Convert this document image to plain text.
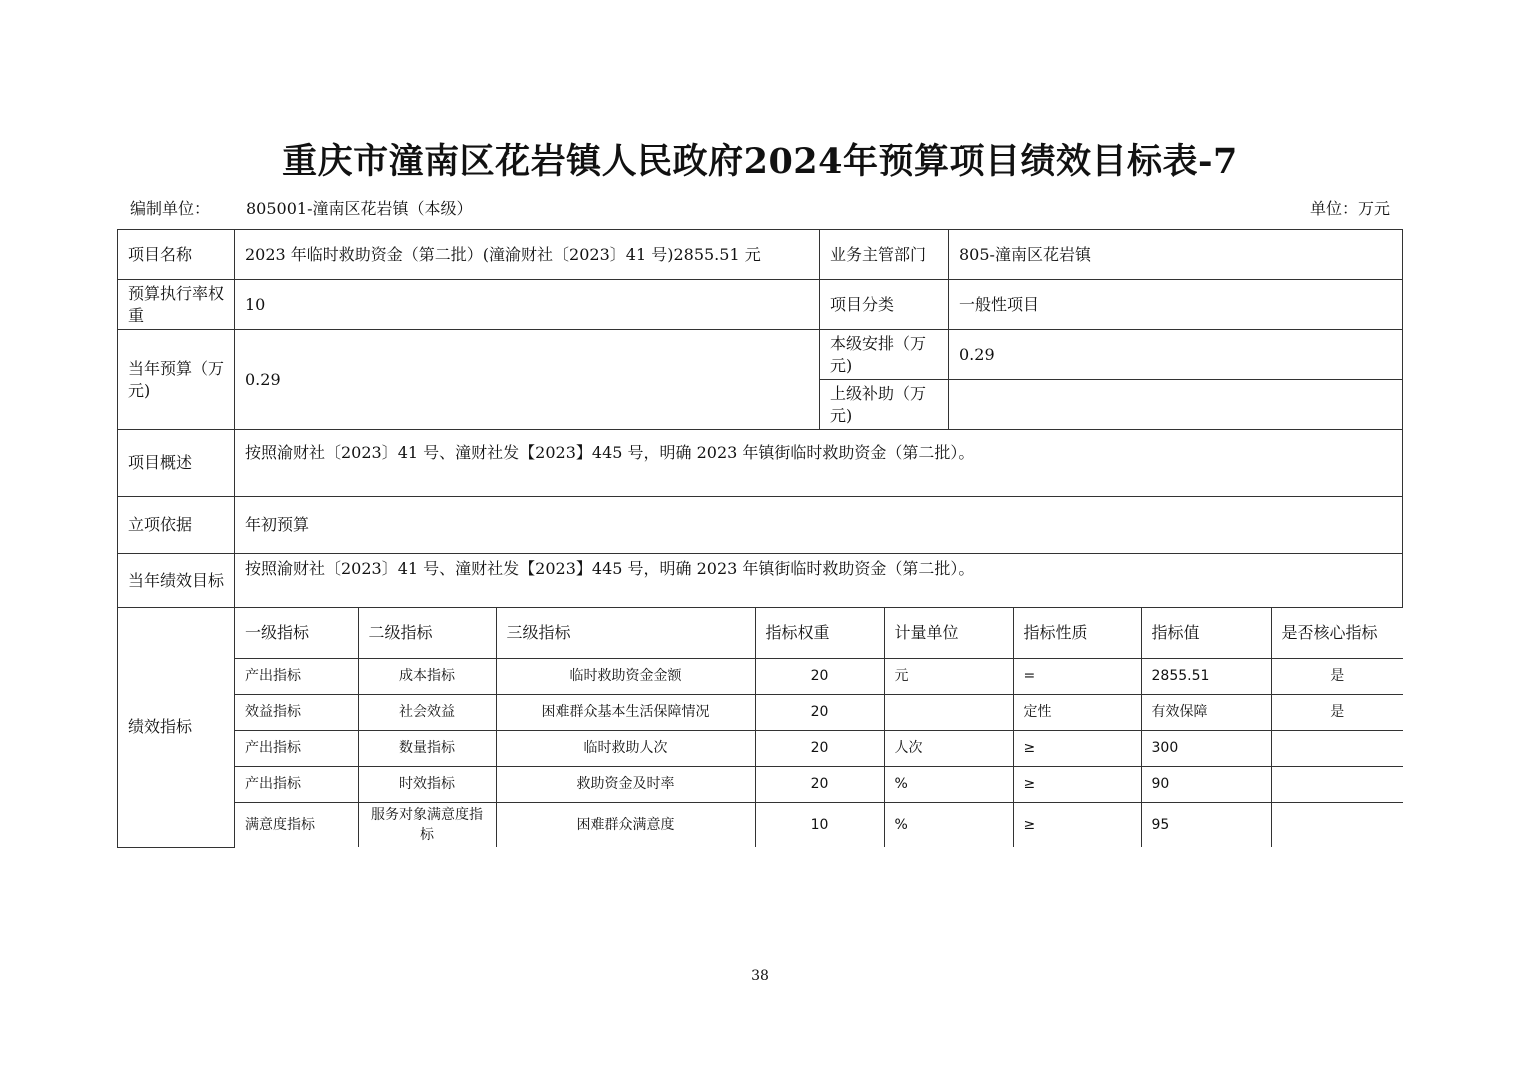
重庆市潼南区花岩镇人民政府2024年预算项目绩效目标表-7
编制单位： 805001-潼南区花岩镇（本级）	单位：万元
项目名称	2023 年临时救助资金（第二批）(潼渝财社〔2023〕41 号)2855.51 元	业务主管部门	805-潼南区花岩镇
预算执行率权重	10	项目分类	一般性项目
当年预算（万元)	0.29	本级安排（万元)	0.29
上级补助（万元)	
项目概述	按照渝财社〔2023〕41 号、潼财社发【2023】445 号，明确 2023 年镇街临时救助资金（第二批）。
立项依据	年初预算
当年绩效目标	按照渝财社〔2023〕41 号、潼财社发【2023】445 号，明确 2023 年镇街临时救助资金（第二批）。
绩效指标	
一级指标	二级指标	三级指标	指标权重	计量单位	指标性质	指标值	是否核心指标
产出指标	成本指标	临时救助资金金额	20	元	=	2855.51	是
效益指标	社会效益	困难群众基本生活保障情况	20		定性	有效保障	是
产出指标	数量指标	临时救助人次	20	人次	≥	300	
产出指标	时效指标	救助资金及时率	20	%	≥	90	
满意度指标	服务对象满意度指标	困难群众满意度	10	%	≥	95	
38
